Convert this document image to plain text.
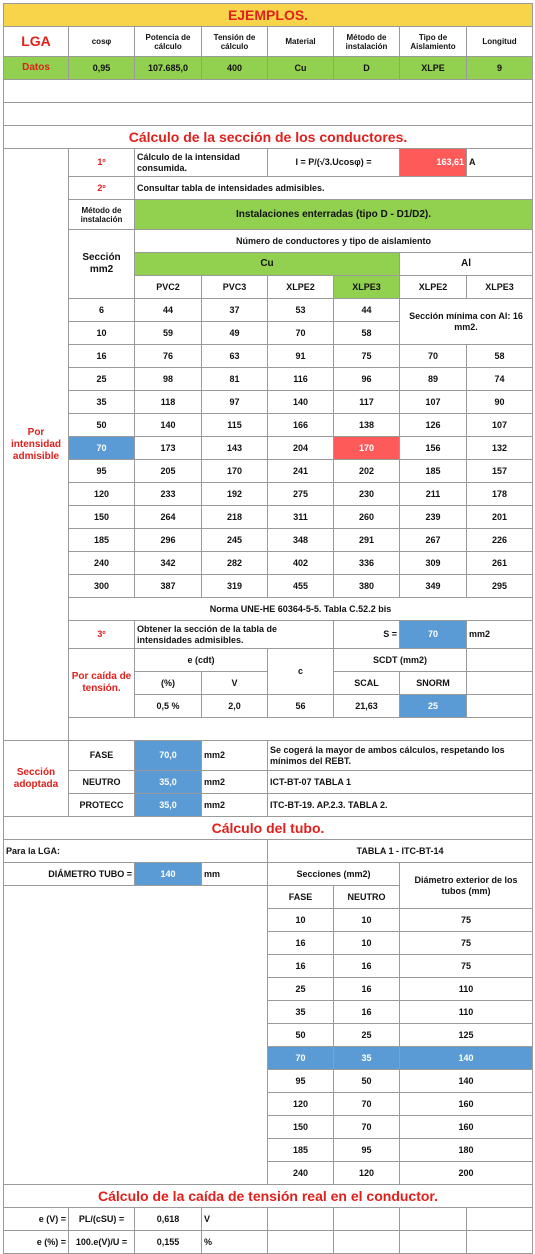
EJEMPLOS.								
LGA	cosφ	Potencia de cálculo	Tensión de cálculo	Material	Método de instalación	Tipo de Aislamiento	Longitud	
Datos	0,95	107.685,0	400	Cu	D	XLPE	9	

Cálculo de la sección de los conductores.								
Por intensidad admisible	1º	Cálculo de la intensidad consumida.		I = P/(√3.Ucosφ) =		163,61	A	
	2º	Consultar tabla de intensidades admisibles.						
	Método de instalación	Instalaciones enterradas (tipo D - D1/D2).						
	Sección mm2	Número de conductores y tipo de aislamiento						
		Cu				Al		
		PVC2	PVC3	XLPE2	XLPE3	XLPE2	XLPE3	
	6	44	37	53	44	Sección mínima con Al: 16 mm2.		
	10	59	49	70	58			
	16	76	63	91	75	70	58	
	25	98	81	116	96	89	74	
	35	118	97	140	117	107	90	
	50	140	115	166	138	126	107	
	70	173	143	204	170	156	132	
	95	205	170	241	202	185	157	
	120	233	192	275	230	211	178	
	150	264	218	311	260	239	201	
	185	296	245	348	291	267	226	
	240	342	282	402	336	309	261	
	300	387	319	455	380	349	295	
	Norma UNE-HE 60364-5-5. Tabla C.52.2 bis							
	3º	Obtener la sección de la tabla de intensidades admisibles.			S =	70	mm2	
	Por caída de tensión.	e (cdt)		c	SCDT (mm2)			
		(%)	V		SCAL	SNORM		
		0,5 %	2,0	56	21,63	25		

Sección adoptada	FASE	70,0	mm2	Se cogerá la mayor de ambos cálculos, respetando los mínimos del REBT.				
	NEUTRO	35,0	mm2	ICT-BT-07 TABLA 1				
	PROTECC	35,0	mm2	ITC-BT-19. AP.2.3. TABLA 2.				
Cálculo del tubo.								
Para la LGA:				TABLA 1 - ITC-BT-14				
DIÁMETRO TUBO =		140	mm	Secciones (mm2)		Diámetro exterior de los tubos (mm)		
				FASE	NEUTRO			
				10	10	75		
				16	10	75		
				16	16	75		
				25	16	110		
				35	16	110		
				50	25	125		
				70	35	140		
				95	50	140		
				120	70	160		
				150	70	160		
				185	95	180		
				240	120	200		
Cálculo de la caída de tensión real en el conductor.								
e (V) =	PL/(cSU) =	0,618	V					
e (%) =	100.e(V)/U =	0,155	%					
